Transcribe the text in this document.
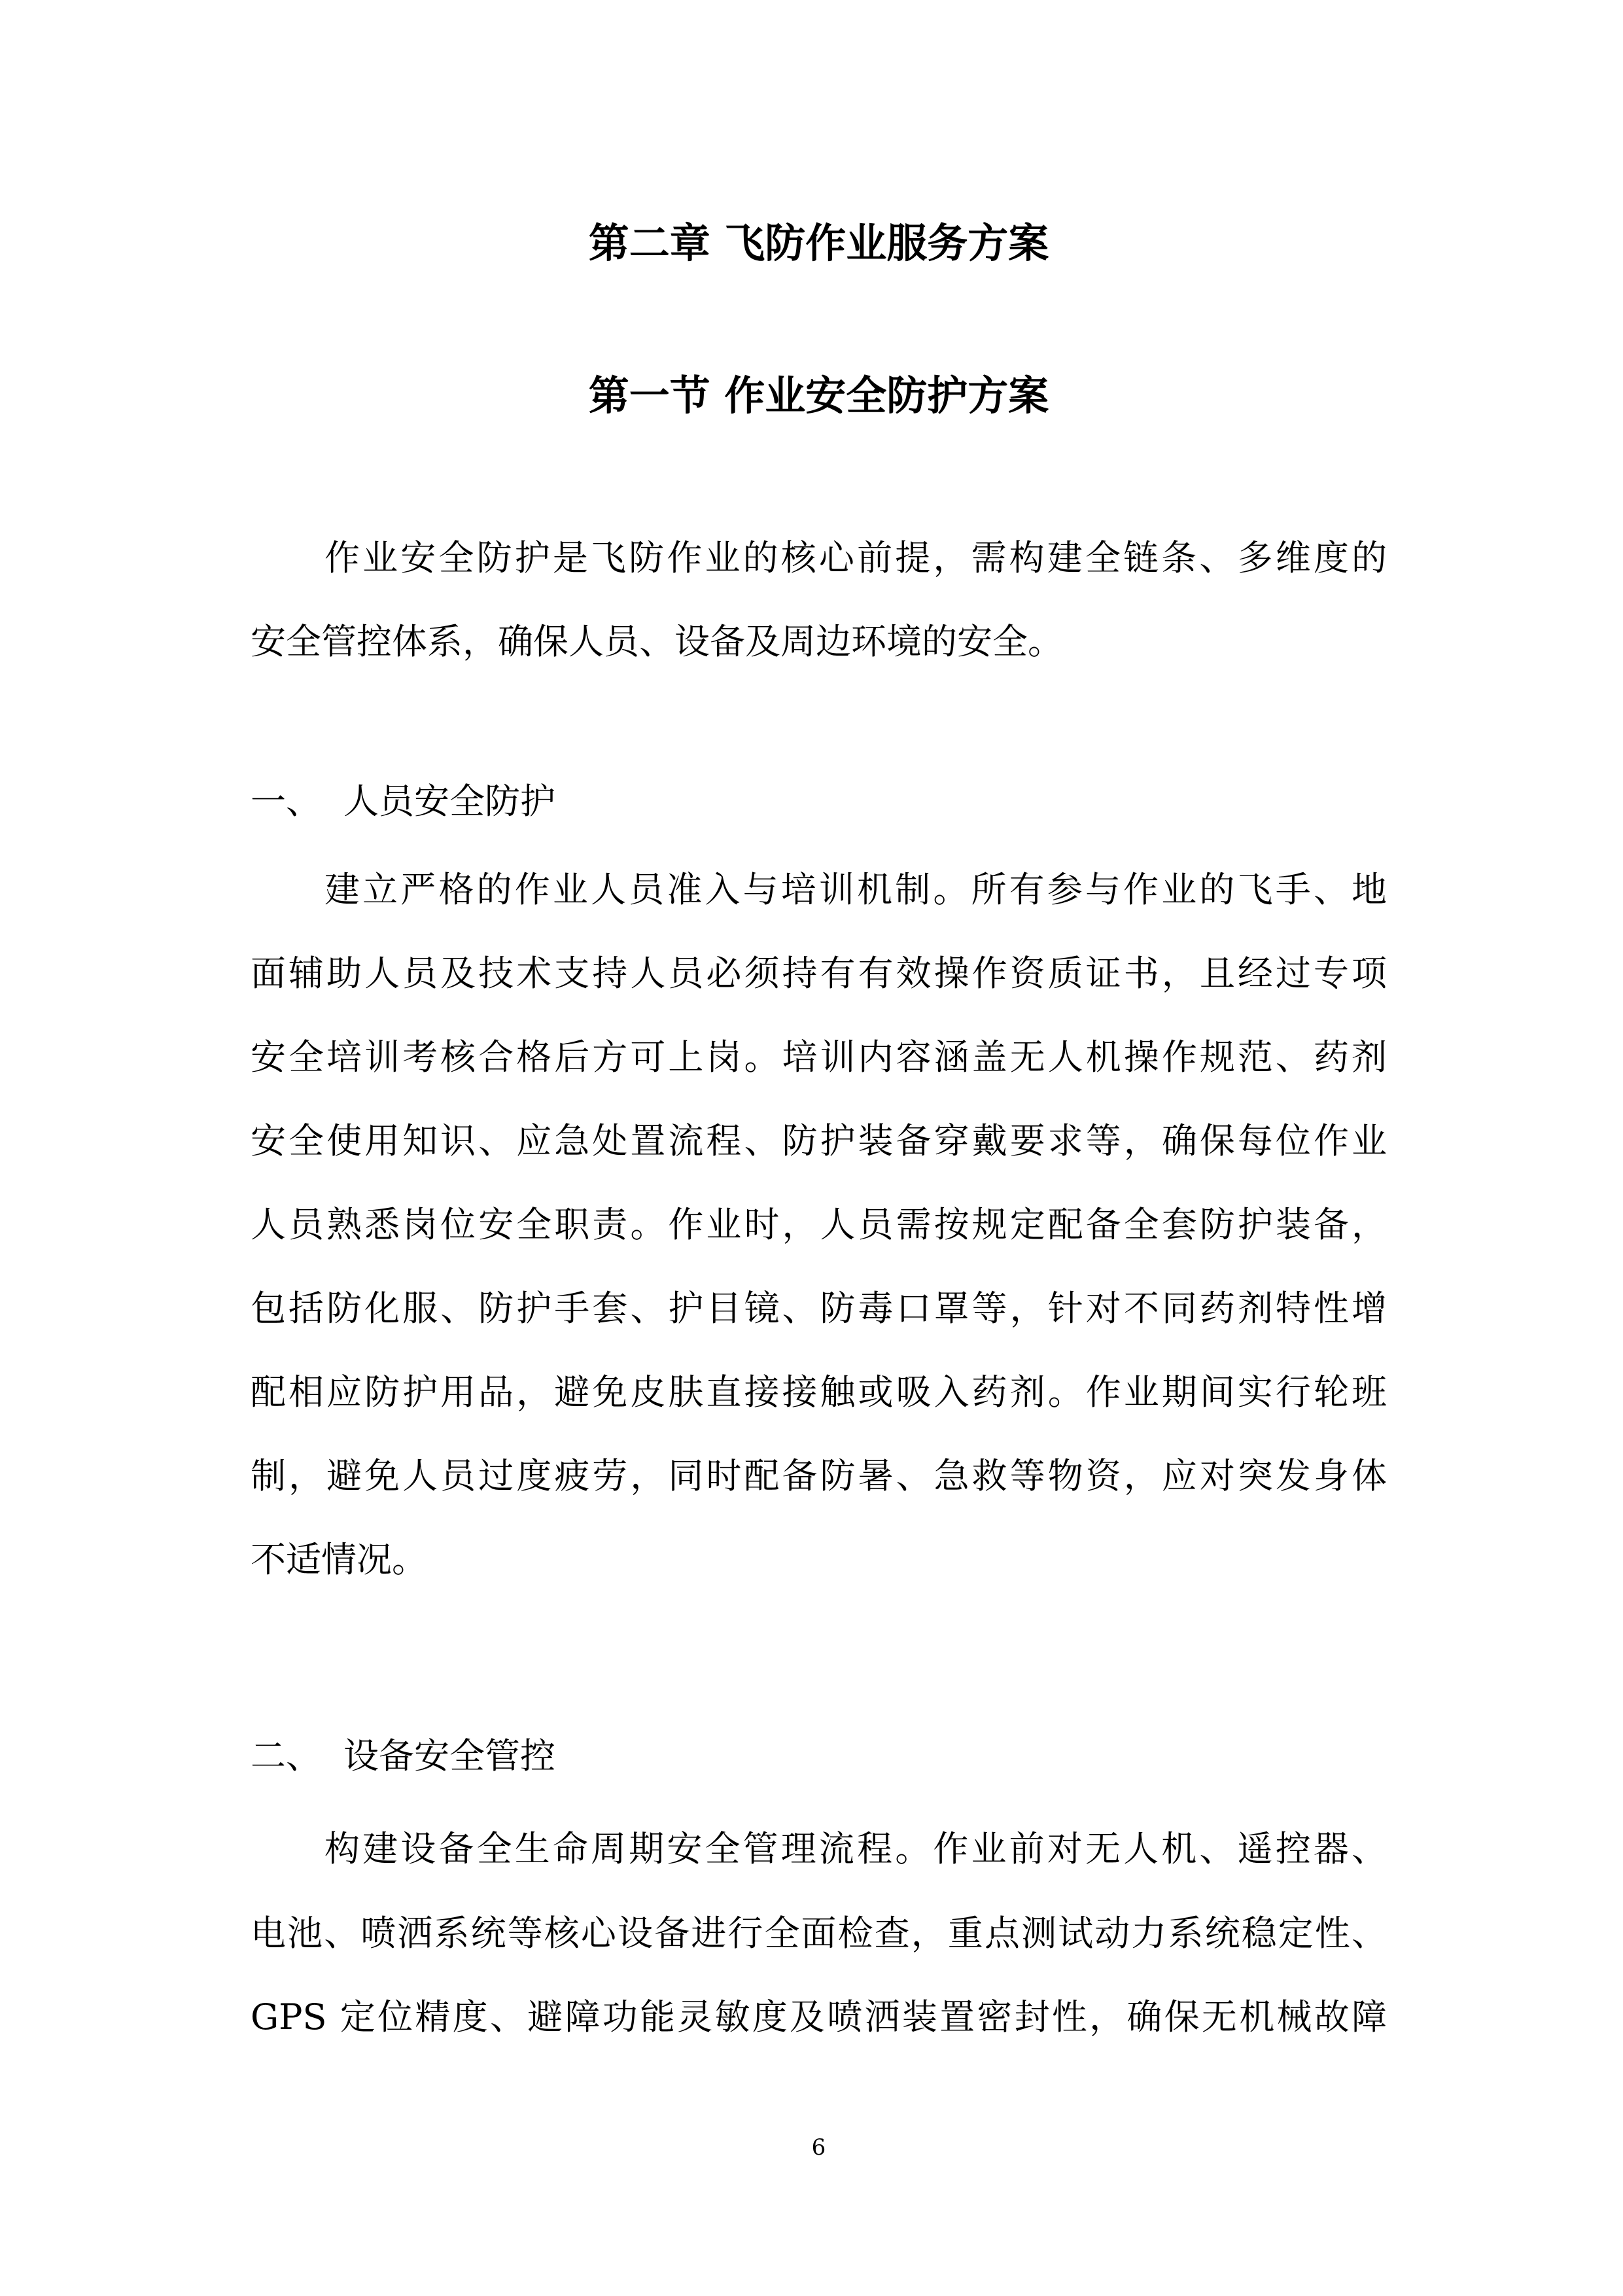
第二章 飞防作业服务方案
第一节 作业安全防护方案
作业安全防护是飞防作业的核心前提，需构建全链条、多维度的
安全管控体系，确保人员、设备及周边环境的安全。
一、 人员安全防护
建立严格的作业人员准入与培训机制。所有参与作业的飞手、地
面辅助人员及技术支持人员必须持有有效操作资质证书，且经过专项
安全培训考核合格后方可上岗。培训内容涵盖无人机操作规范、药剂
安全使用知识、应急处置流程、防护装备穿戴要求等，确保每位作业
人员熟悉岗位安全职责。作业时，人员需按规定配备全套防护装备，
包括防化服、防护手套、护目镜、防毒口罩等，针对不同药剂特性增
配相应防护用品，避免皮肤直接接触或吸入药剂。作业期间实行轮班
制，避免人员过度疲劳，同时配备防暑、急救等物资，应对突发身体
不适情况。
二、 设备安全管控
构建设备全生命周期安全管理流程。作业前对无人机、遥控器、
电池、喷洒系统等核心设备进行全面检查，重点测试动力系统稳定性、
GPS 定位精度、避障功能灵敏度及喷洒装置密封性，确保无机械故障
6
